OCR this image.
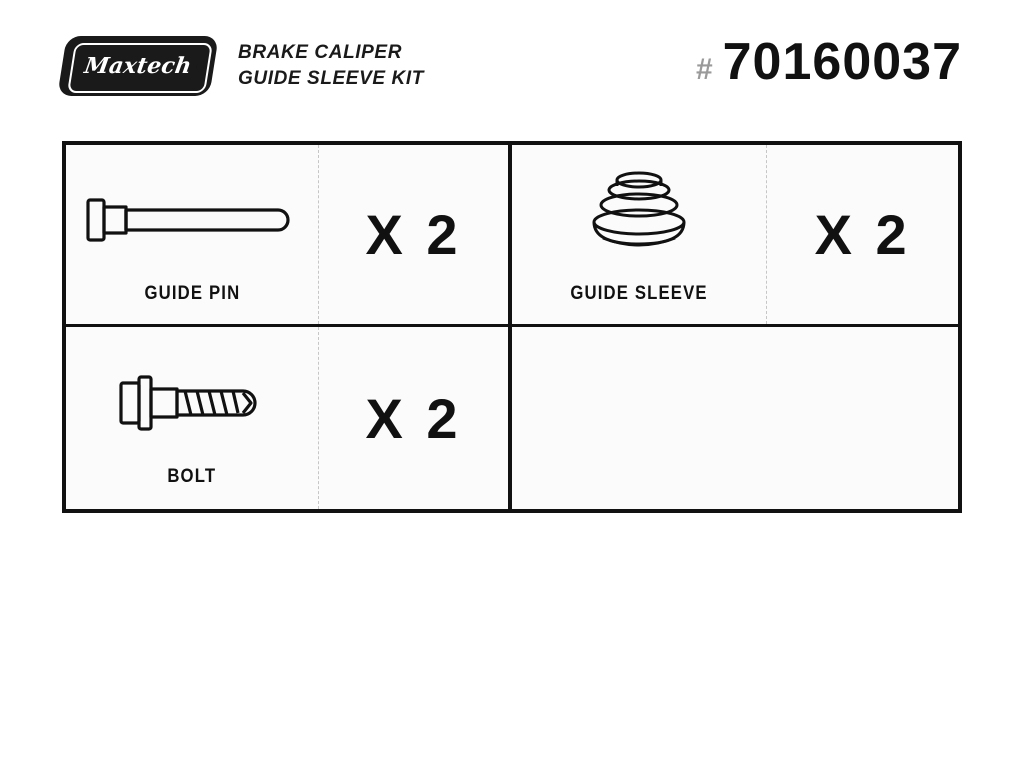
Maxtech ®
BRAKE CALIPER
GUIDE SLEEVE KIT	# 70160037
GUIDE PIN
X 2
GUIDE SLEEVE
X 2
BOLT
X 2
